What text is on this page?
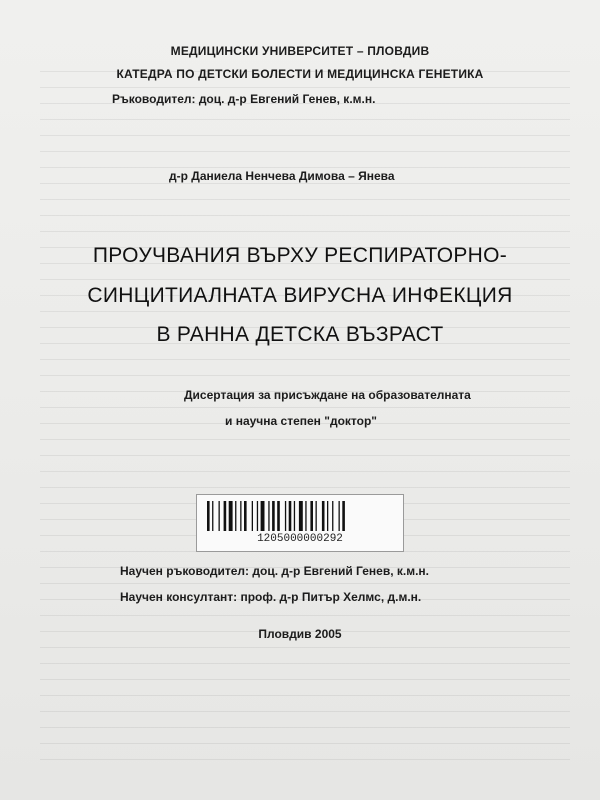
МЕДИЦИНСКИ УНИВЕРСИТЕТ – ПЛОВДИВ
КАТЕДРА ПО ДЕТСКИ БОЛЕСТИ И МЕДИЦИНСКА ГЕНЕТИКА
Ръководител: доц. д-р Евгений Генев, к.м.н.
д-р Даниела Ненчева Димова – Янева
ПРОУЧВАНИЯ ВЪРХУ РЕСПИРАТОРНО-
СИНЦИТИАЛНАТА ВИРУСНА ИНФЕКЦИЯ
В РАННА ДЕТСКА ВЪЗРАСТ
Дисертация за присъждане на образователната
и научна степен "доктор"
1205000000292
Научен ръководител: доц. д-р Евгений Генев, к.м.н.
Научен консултант: проф. д-р Питър Хелмс, д.м.н.
Пловдив 2005
